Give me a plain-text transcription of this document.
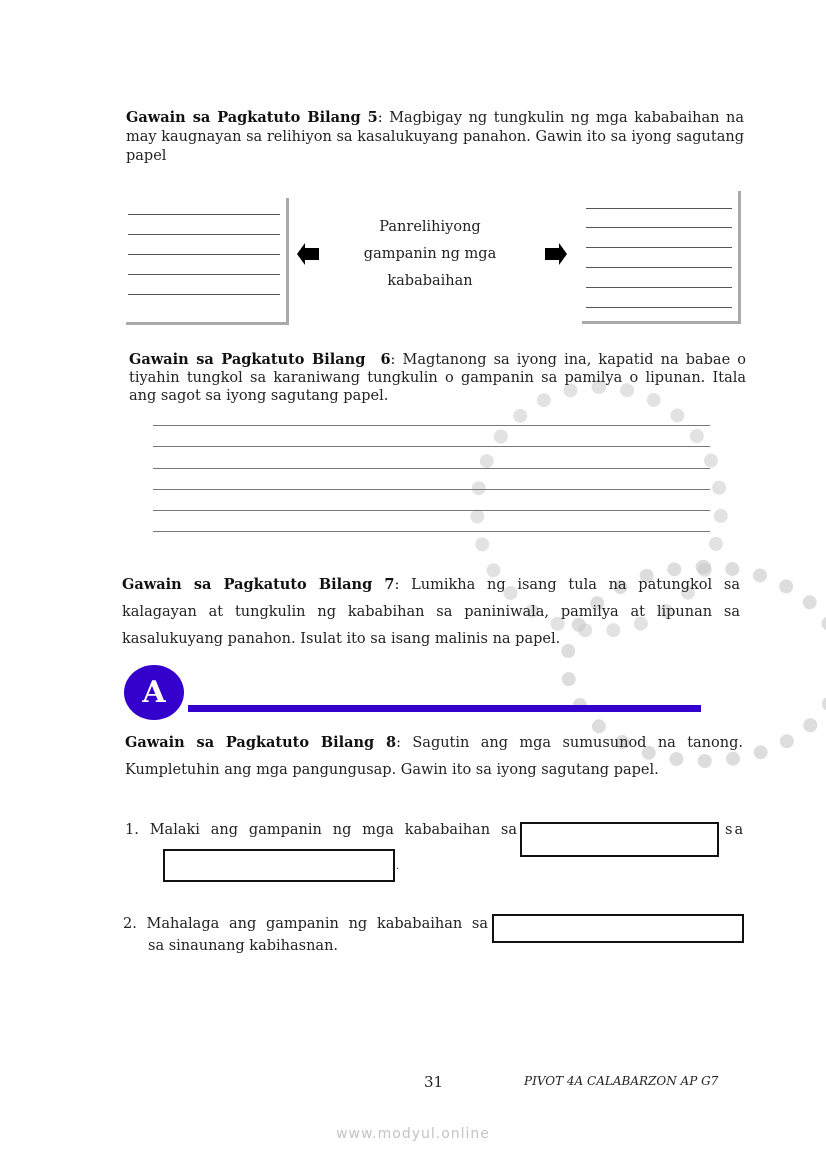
Gawain sa Pagkatuto Bilang 5: Magbigay ng tungkulin ng mga kababaihan na may kaugnayan sa relihiyon sa kasalukuyang panahon. Gawin ito sa iyong sagutang papel
Panrelihiyong gampanin ng mga kababaihan
Gawain sa Pagkatuto Bilang  6: Magtanong sa iyong ina, kapatid na babae o tiyahin tungkol sa karaniwang tungkulin o gampanin sa pamilya o lipunan. Itala ang sagot sa iyong sagutang papel.
Gawain sa Pagkatuto Bilang 7: Lumikha ng isang tula na patungkol sa kalagayan at tungkulin ng kababihan sa paniniwala, pamilya at lipunan sa kasalukuyang panahon. Isulat ito sa isang malinis na papel.
A
Gawain sa Pagkatuto Bilang 8: Sagutin ang mga sumusunod na tanong. Kumpletuhin ang mga pangungusap. Gawin ito sa iyong sagutang papel.
1. Malaki ang gampanin ng mga kababaihan sa	sa
.
2. Mahalaga ang gampanin ng kababaihan sa
sa sinaunang kabihasnan.
31	PIVOT 4A CALABARZON AP G7
www.modyul.online
